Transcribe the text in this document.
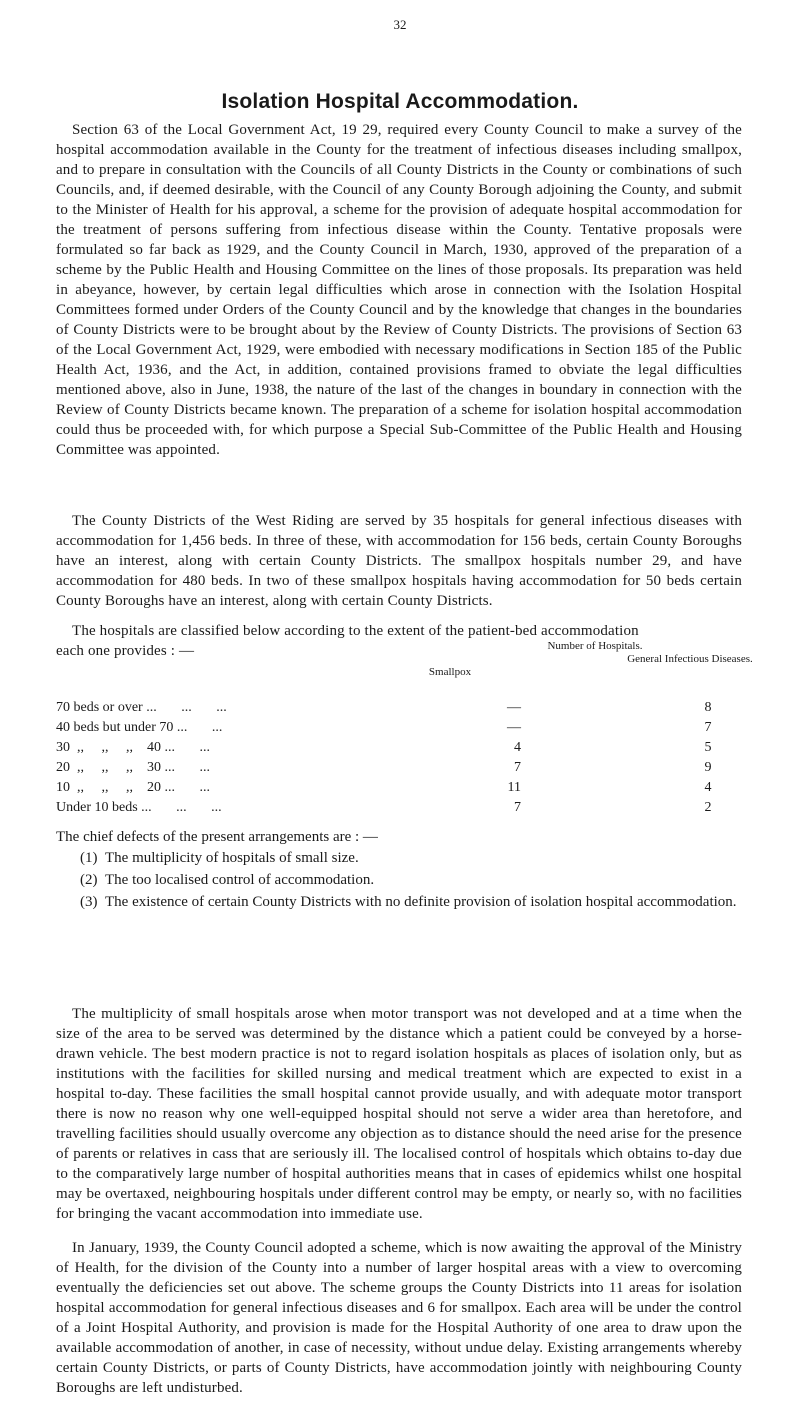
32
Isolation Hospital Accommodation.

Section 63 of the Local Government Act, 19 29, required every County Council to make a survey of the hospital accommodation available in the County for the treatment of infectious diseases including smallpox, and to prepare in consultation with the Councils of all County Districts in the County or combinations of such Councils, and, if deemed desirable, with the Council of any County Borough adjoining the County, and submit to the Minister of Health for his approval, a scheme for the provision of adequate hospital accommodation for the treatment of persons suffering from infectious disease within the County. Tentative proposals were formulated so far back as 1929, and the County Council in March, 1930, approved of the preparation of a scheme by the Public Health and Housing Committee on the lines of those proposals. Its preparation was held in abeyance, however, by certain legal difficulties which arose in connection with the Isolation Hospital Committees formed under Orders of the County Council and by the knowledge that changes in the boundaries of County Districts were to be brought about by the Review of County Districts. The provisions of Section 63 of the Local Government Act, 1929, were embodied with necessary modifications in Section 185 of the Public Health Act, 1936, and the Act, in addition, contained provisions framed to obviate the legal difficulties mentioned above, also in June, 1938, the nature of the last of the changes in boundary in connection with the Review of County Districts became known. The preparation of a scheme for isolation hospital accommodation could thus be proceeded with, for which purpose a Special Sub-Committee of the Public Health and Housing Committee was appointed.

The County Districts of the West Riding are served by 35 hospitals for general infectious diseases with accommodation for 1,456 beds. In three of these, with accommodation for 156 beds, certain County Boroughs have an interest, along with certain County Districts. The smallpox hospitals number 29, and have accommodation for 480 beds. In two of these smallpox hospitals having accommodation for 50 beds certain County Boroughs have an interest, along with certain County Districts.

The hospitals are classified below according to the extent of the patient-bed accommodation

each one provides : —	Number of Hospitals.
Smallpox
General Infectious Diseases.
70 beds or over ...       ...       ...	—	8
40 beds but under 70 ...       ...	—	7
30  ,,     ,,     ,,    40 ...       ...	4	5
20  ,,     ,,     ,,    30 ...       ...	7	9
10  ,,     ,,     ,,    20 ...       ...	11	4
Under 10 beds ...       ...       ...	7	2
The chief defects of the present arrangements are : —
(1) The multiplicity of hospitals of small size.
(2) The too localised control of accommodation.
(3) The existence of certain County Districts with no definite provision of isolation hospital accommodation.

The multiplicity of small hospitals arose when motor transport was not developed and at a time when the size of the area to be served was determined by the distance which a patient could be conveyed by a horse-drawn vehicle. The best modern practice is not to regard isolation hospitals as places of isolation only, but as institutions with the facilities for skilled nursing and medical treatment which are expected to exist in a hospital to-day. These facilities the small hospital cannot provide usually, and with adequate motor transport there is now no reason why one well-equipped hospital should not serve a wider area than heretofore, and travelling facilities should usually overcome any objection as to distance should the need arise for the presence of parents or relatives in cass that are seriously ill. The localised control of hospitals which obtains to-day due to the comparatively large number of hospital authorities means that in cases of epidemics whilst one hospital may be overtaxed, neighbouring hospitals under different control may be empty, or nearly so, with no facilities for bringing the vacant accommodation into immediate use.

In January, 1939, the County Council adopted a scheme, which is now awaiting the approval of the Ministry of Health, for the division of the County into a number of larger hospital areas with a view to overcoming eventually the deficiencies set out above. The scheme groups the County Districts into 11 areas for isolation hospital accommodation for general infectious diseases and 6 for smallpox. Each area will be under the control of a Joint Hospital Authority, and provision is made for the Hospital Authority of one area to draw upon the available accommodation of another, in case of necessity, without undue delay. Existing arrangements whereby certain County Districts, or parts of County Districts, have accommodation jointly with neighbouring County Boroughs are left undisturbed.
